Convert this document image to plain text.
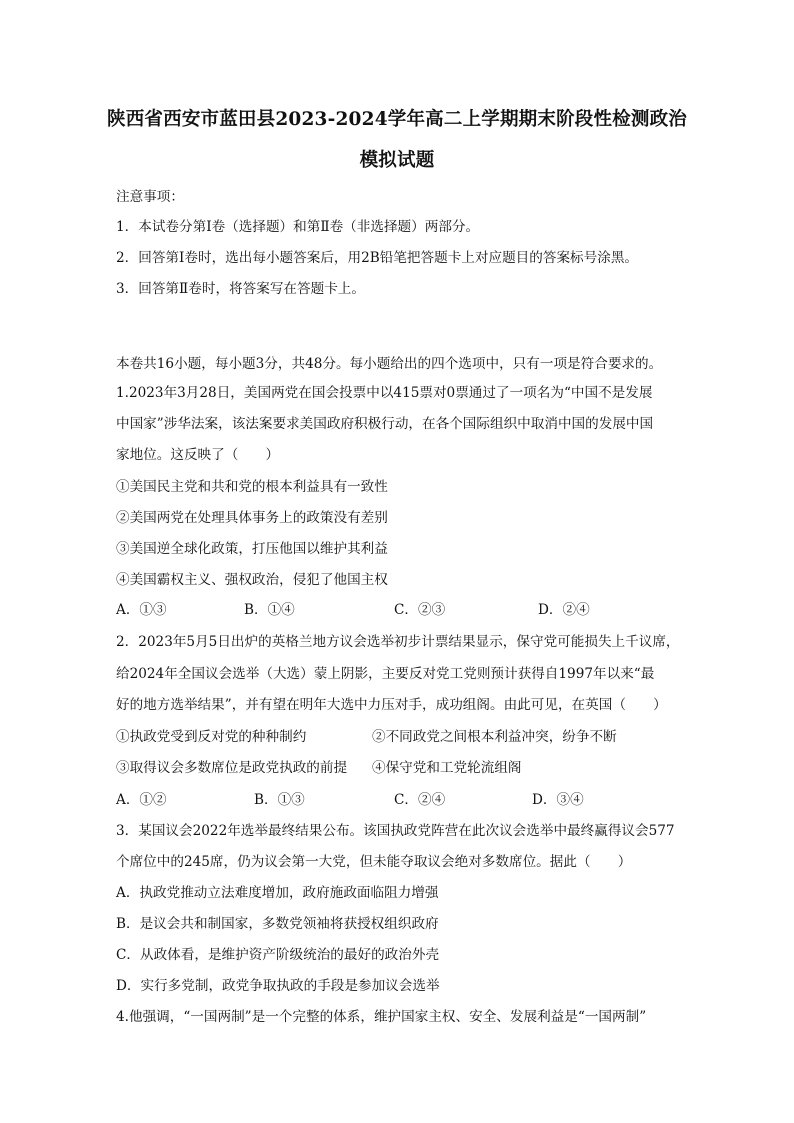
陕西省西安市蓝田县2023-2024学年高二上学期期末阶段性检测政治
模拟试题
注意事项：
1．本试卷分第Ⅰ卷（选择题）和第Ⅱ卷（非选择题）两部分。
2．回答第Ⅰ卷时，选出每小题答案后，用2B铅笔把答题卡上对应题目的答案标号涂黑。
3．回答第Ⅱ卷时，将答案写在答题卡上。
本卷共16小题，每小题3分，共48分。每小题给出的四个选项中，只有一项是符合要求的。
1.2023年3月28日，美国两党在国会投票中以415票对0票通过了一项名为“中国不是发展
中国家”涉华法案，该法案要求美国政府积极行动，在各个国际组织中取消中国的发展中国
家地位。这反映了（　　）
①美国民主党和共和党的根本利益具有一致性
②美国两党在处理具体事务上的政策没有差别
③美国逆全球化政策，打压他国以维护其利益
④美国霸权主义、强权政治，侵犯了他国主权
A．①③	B．①④	C．②③	D．②④
2．2023年5月5日出炉的英格兰地方议会选举初步计票结果显示，保守党可能损失上千议席，
给2024年全国议会选举（大选）蒙上阴影，主要反对党工党则预计获得自1997年以来“最
好的地方选举结果”，并有望在明年大选中力压对手，成功组阁。由此可见，在英国（　　）
①执政党受到反对党的种种制约	②不同政党之间根本利益冲突，纷争不断
③取得议会多数席位是政党执政的前提 ④保守党和工党轮流组阁
A．①②	B．①③	C．②④	D．③④
3．某国议会2022年选举最终结果公布。该国执政党阵营在此次议会选举中最终赢得议会577
个席位中的245席，仍为议会第一大党，但未能夺取议会绝对多数席位。据此（　　）
A．执政党推动立法难度增加，政府施政面临阻力增强
B．是议会共和制国家，多数党领袖将获授权组织政府
C．从政体看，是维护资产阶级统治的最好的政治外壳
D．实行多党制，政党争取执政的手段是参加议会选举
4.他强调，“一国两制”是一个完整的体系，维护国家主权、安全、发展利益是“一国两制”
